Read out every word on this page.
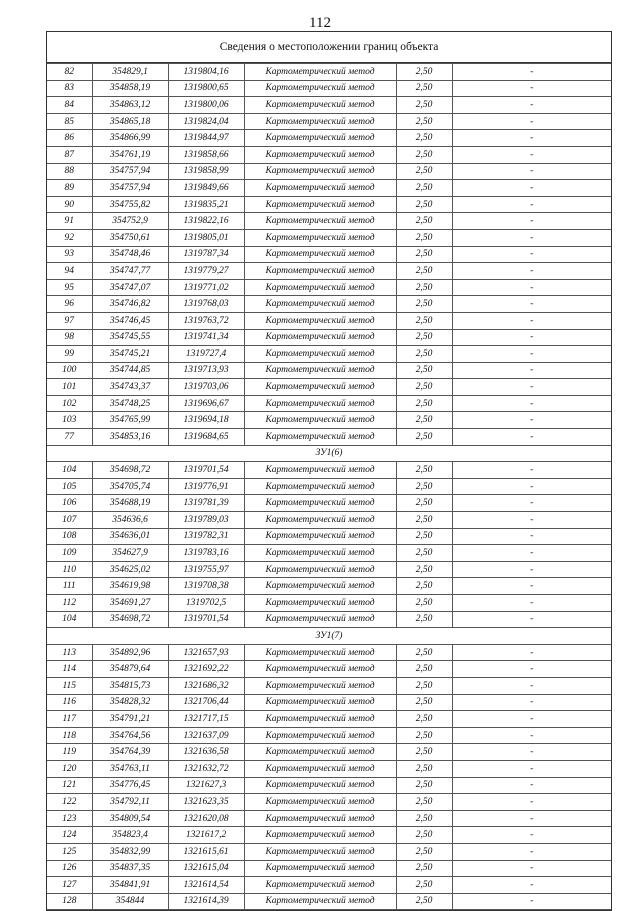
112
Сведения о местоположении границ объекта
82	354829,1	1319804,16	Картометрический метод	2,50	-
83	354858,19	1319800,65	Картометрический метод	2,50	-
84	354863,12	1319800,06	Картометрический метод	2,50	-
85	354865,18	1319824,04	Картометрический метод	2,50	-
86	354866,99	1319844,97	Картометрический метод	2,50	-
87	354761,19	1319858,66	Картометрический метод	2,50	-
88	354757,94	1319858,99	Картометрический метод	2,50	-
89	354757,94	1319849,66	Картометрический метод	2,50	-
90	354755,82	1319835,21	Картометрический метод	2,50	-
91	354752,9	1319822,16	Картометрический метод	2,50	-
92	354750,61	1319805,01	Картометрический метод	2,50	-
93	354748,46	1319787,34	Картометрический метод	2,50	-
94	354747,77	1319779,27	Картометрический метод	2,50	-
95	354747,07	1319771,02	Картометрический метод	2,50	-
96	354746,82	1319768,03	Картометрический метод	2,50	-
97	354746,45	1319763,72	Картометрический метод	2,50	-
98	354745,55	1319741,34	Картометрический метод	2,50	-
99	354745,21	1319727,4	Картометрический метод	2,50	-
100	354744,85	1319713,93	Картометрический метод	2,50	-
101	354743,37	1319703,06	Картометрический метод	2,50	-
102	354748,25	1319696,67	Картометрический метод	2,50	-
103	354765,99	1319694,18	Картометрический метод	2,50	-
77	354853,16	1319684,65	Картометрический метод	2,50	-
ЗУ1(6)					
104	354698,72	1319701,54	Картометрический метод	2,50	-
105	354705,74	1319776,91	Картометрический метод	2,50	-
106	354688,19	1319781,39	Картометрический метод	2,50	-
107	354636,6	1319789,03	Картометрический метод	2,50	-
108	354636,01	1319782,31	Картометрический метод	2,50	-
109	354627,9	1319783,16	Картометрический метод	2,50	-
110	354625,02	1319755,97	Картометрический метод	2,50	-
111	354619,98	1319708,38	Картометрический метод	2,50	-
112	354691,27	1319702,5	Картометрический метод	2,50	-
104	354698,72	1319701,54	Картометрический метод	2,50	-
ЗУ1(7)					
113	354892,96	1321657,93	Картометрический метод	2,50	-
114	354879,64	1321692,22	Картометрический метод	2,50	-
115	354815,73	1321686,32	Картометрический метод	2,50	-
116	354828,32	1321706,44	Картометрический метод	2,50	-
117	354791,21	1321717,15	Картометрический метод	2,50	-
118	354764,56	1321637,09	Картометрический метод	2,50	-
119	354764,39	1321636,58	Картометрический метод	2,50	-
120	354763,11	1321632,72	Картометрический метод	2,50	-
121	354776,45	1321627,3	Картометрический метод	2,50	-
122	354792,11	1321623,35	Картометрический метод	2,50	-
123	354809,54	1321620,08	Картометрический метод	2,50	-
124	354823,4	1321617,2	Картометрический метод	2,50	-
125	354832,99	1321615,61	Картометрический метод	2,50	-
126	354837,35	1321615,04	Картометрический метод	2,50	-
127	354841,91	1321614,54	Картометрический метод	2,50	-
128	354844	1321614,39	Картометрический метод	2,50	-
